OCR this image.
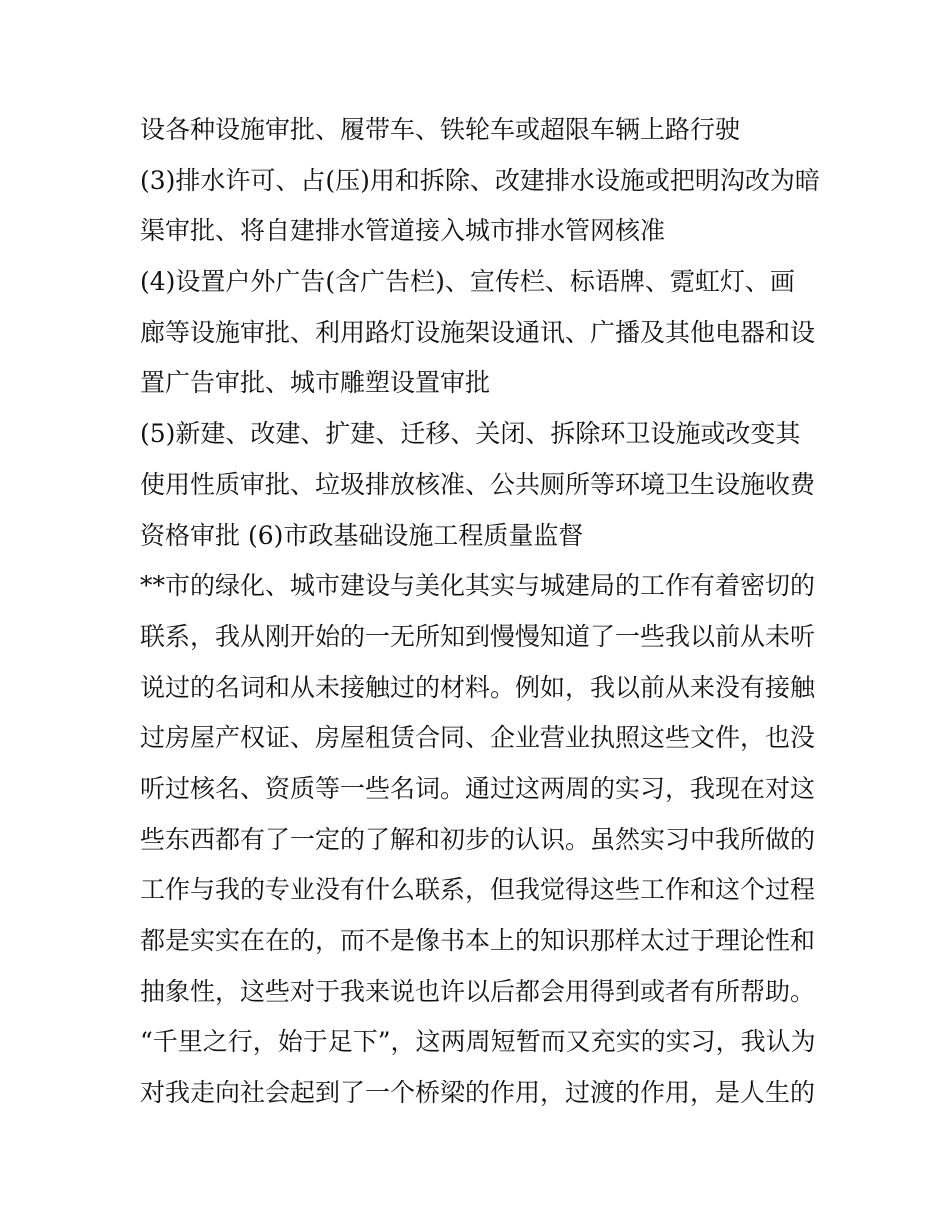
设各种设施审批、履带车、铁轮车或超限车辆上路行驶
(3)排水许可、占(压)用和拆除、改建排水设施或把明沟改为暗
渠审批、将自建排水管道接入城市排水管网核准
(4)设置户外广告(含广告栏)、宣传栏、标语牌、霓虹灯、画
廊等设施审批、利用路灯设施架设通讯、广播及其他电器和设
置广告审批、城市雕塑设置审批
(5)新建、改建、扩建、迁移、关闭、拆除环卫设施或改变其
使用性质审批、垃圾排放核准、公共厕所等环境卫生设施收费
资格审批 (6)市政基础设施工程质量监督
**市的绿化、城市建设与美化其实与城建局的工作有着密切的
联系，我从刚开始的一无所知到慢慢知道了一些我以前从未听
说过的名词和从未接触过的材料。例如，我以前从来没有接触
过房屋产权证、房屋租赁合同、企业营业执照这些文件，也没
听过核名、资质等一些名词。通过这两周的实习，我现在对这
些东西都有了一定的了解和初步的认识。虽然实习中我所做的
工作与我的专业没有什么联系，但我觉得这些工作和这个过程
都是实实在在的，而不是像书本上的知识那样太过于理论性和
抽象性，这些对于我来说也许以后都会用得到或者有所帮助。
“千里之行，始于足下”，这两周短暂而又充实的实习，我认为
对我走向社会起到了一个桥梁的作用，过渡的作用，是人生的
